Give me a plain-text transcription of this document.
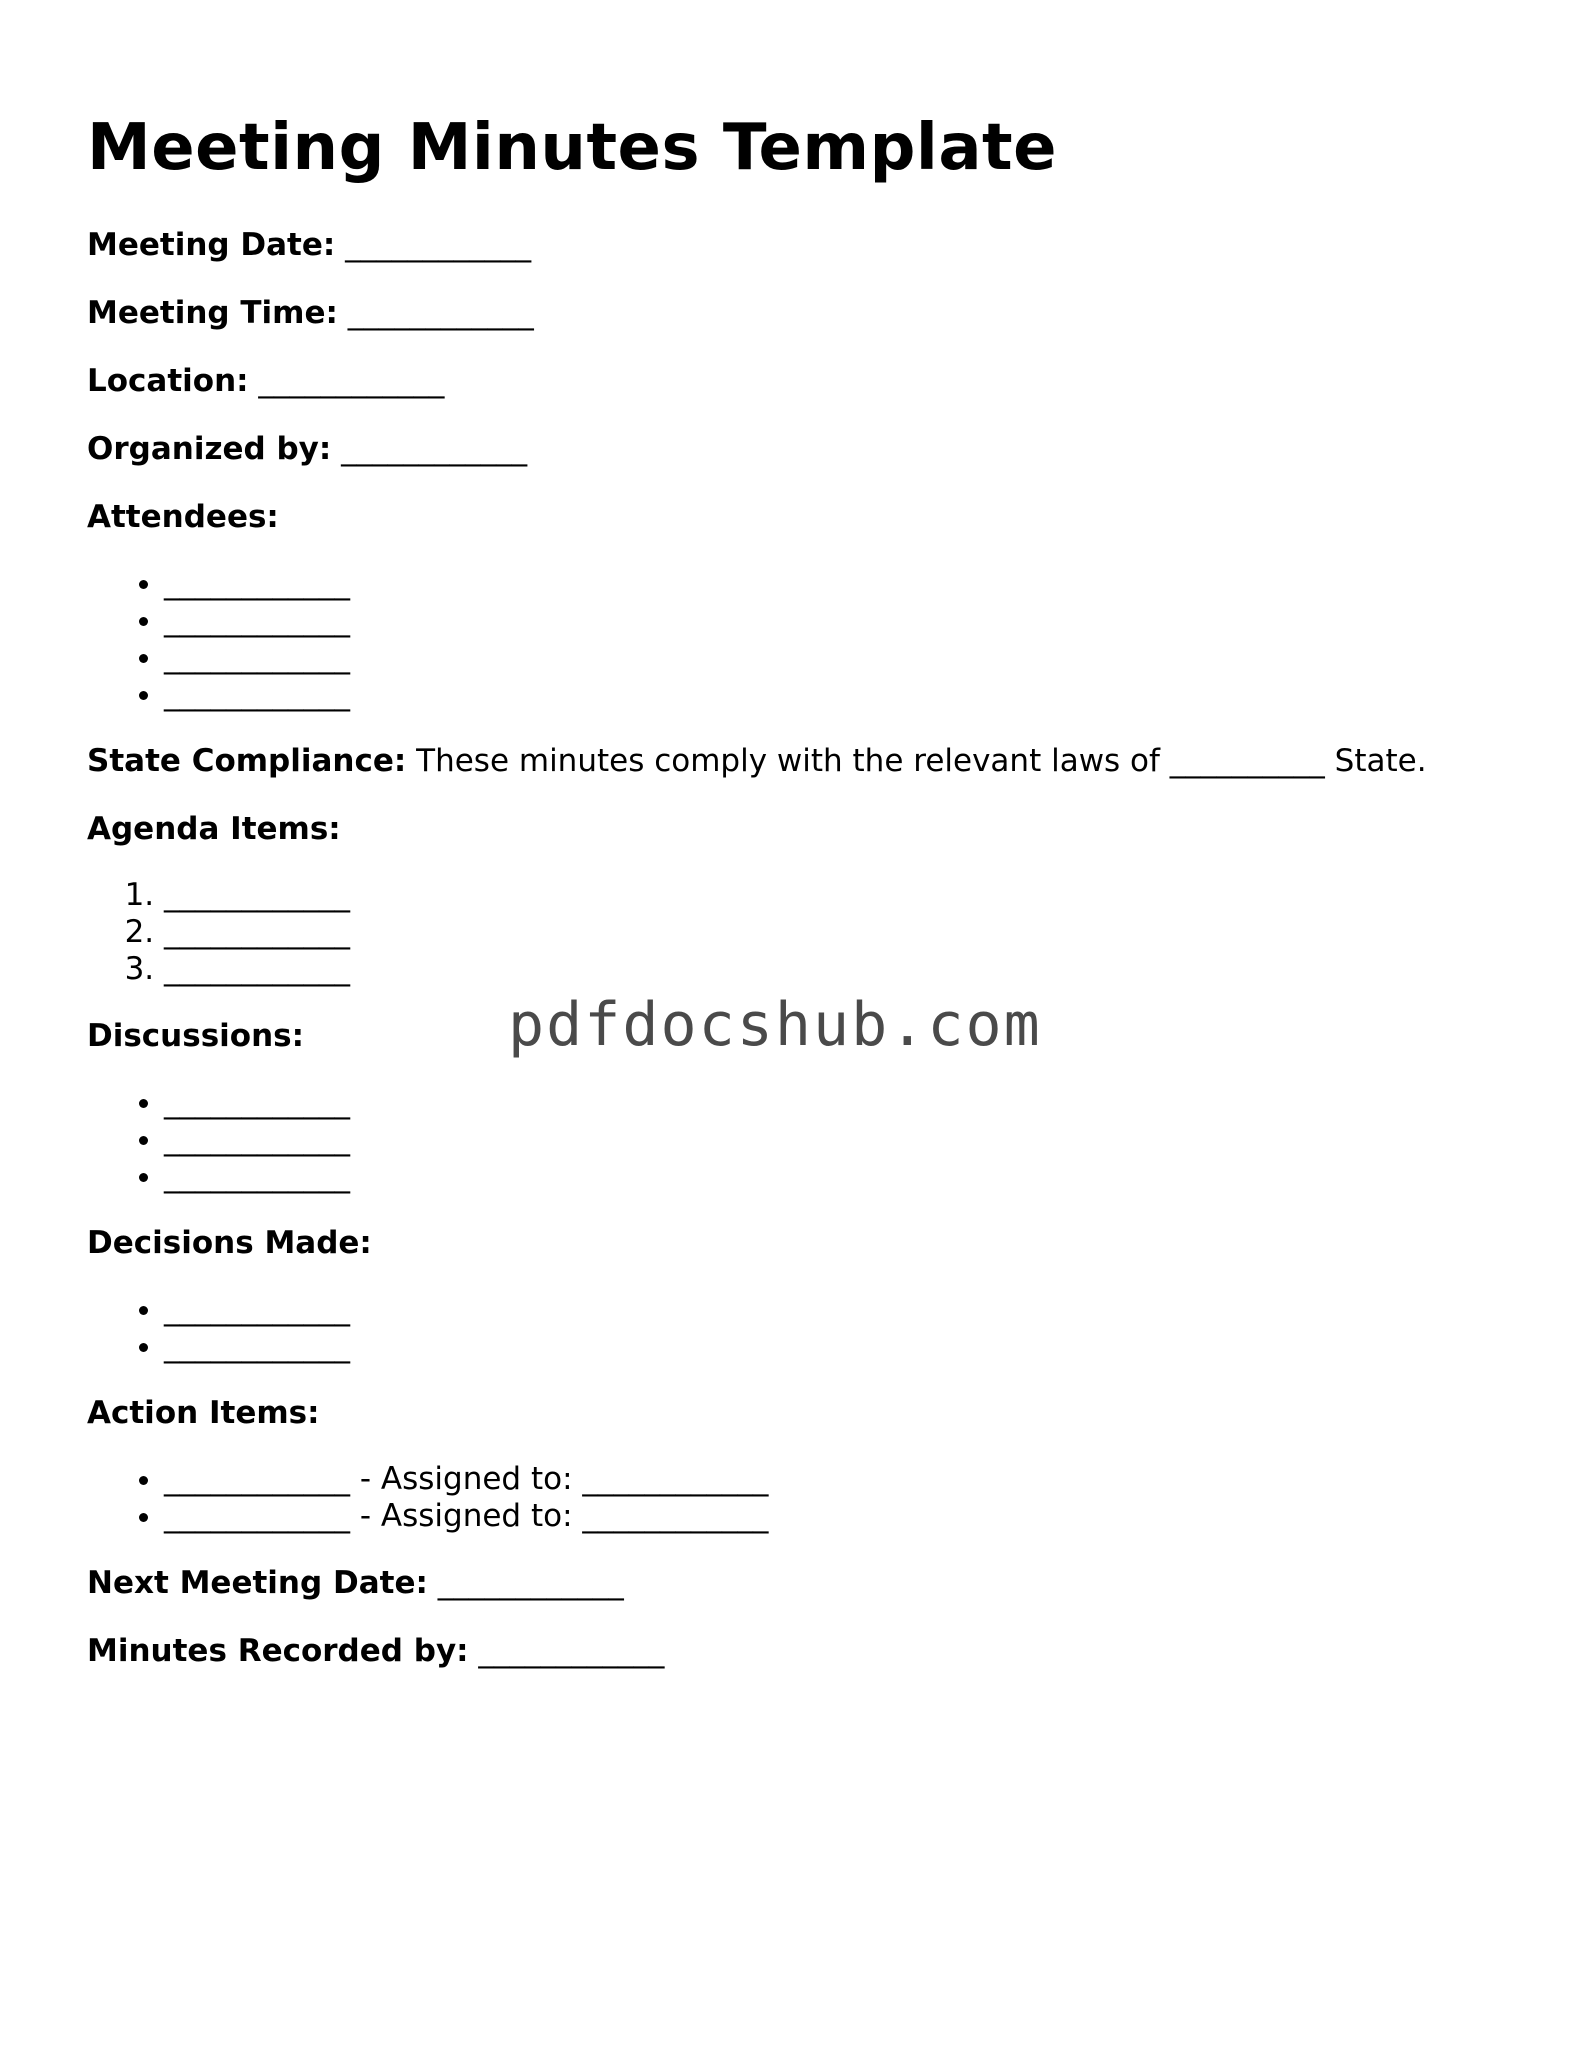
Meeting Minutes Template
Meeting Date: ____________
Meeting Time: ____________
Location: ____________
Organized by: ____________
Attendees:
• ____________
• ____________
• ____________
• ____________
State Compliance: These minutes comply with the relevant laws of __________ State.
Agenda Items:
1. ____________
2. ____________
3. ____________
Discussions:
• ____________
• ____________
• ____________
Decisions Made:
• ____________
• ____________
Action Items:
• ____________ - Assigned to: ____________
• ____________ - Assigned to: ____________
Next Meeting Date: ____________
Minutes Recorded by: ____________
pdfdocshub.com
